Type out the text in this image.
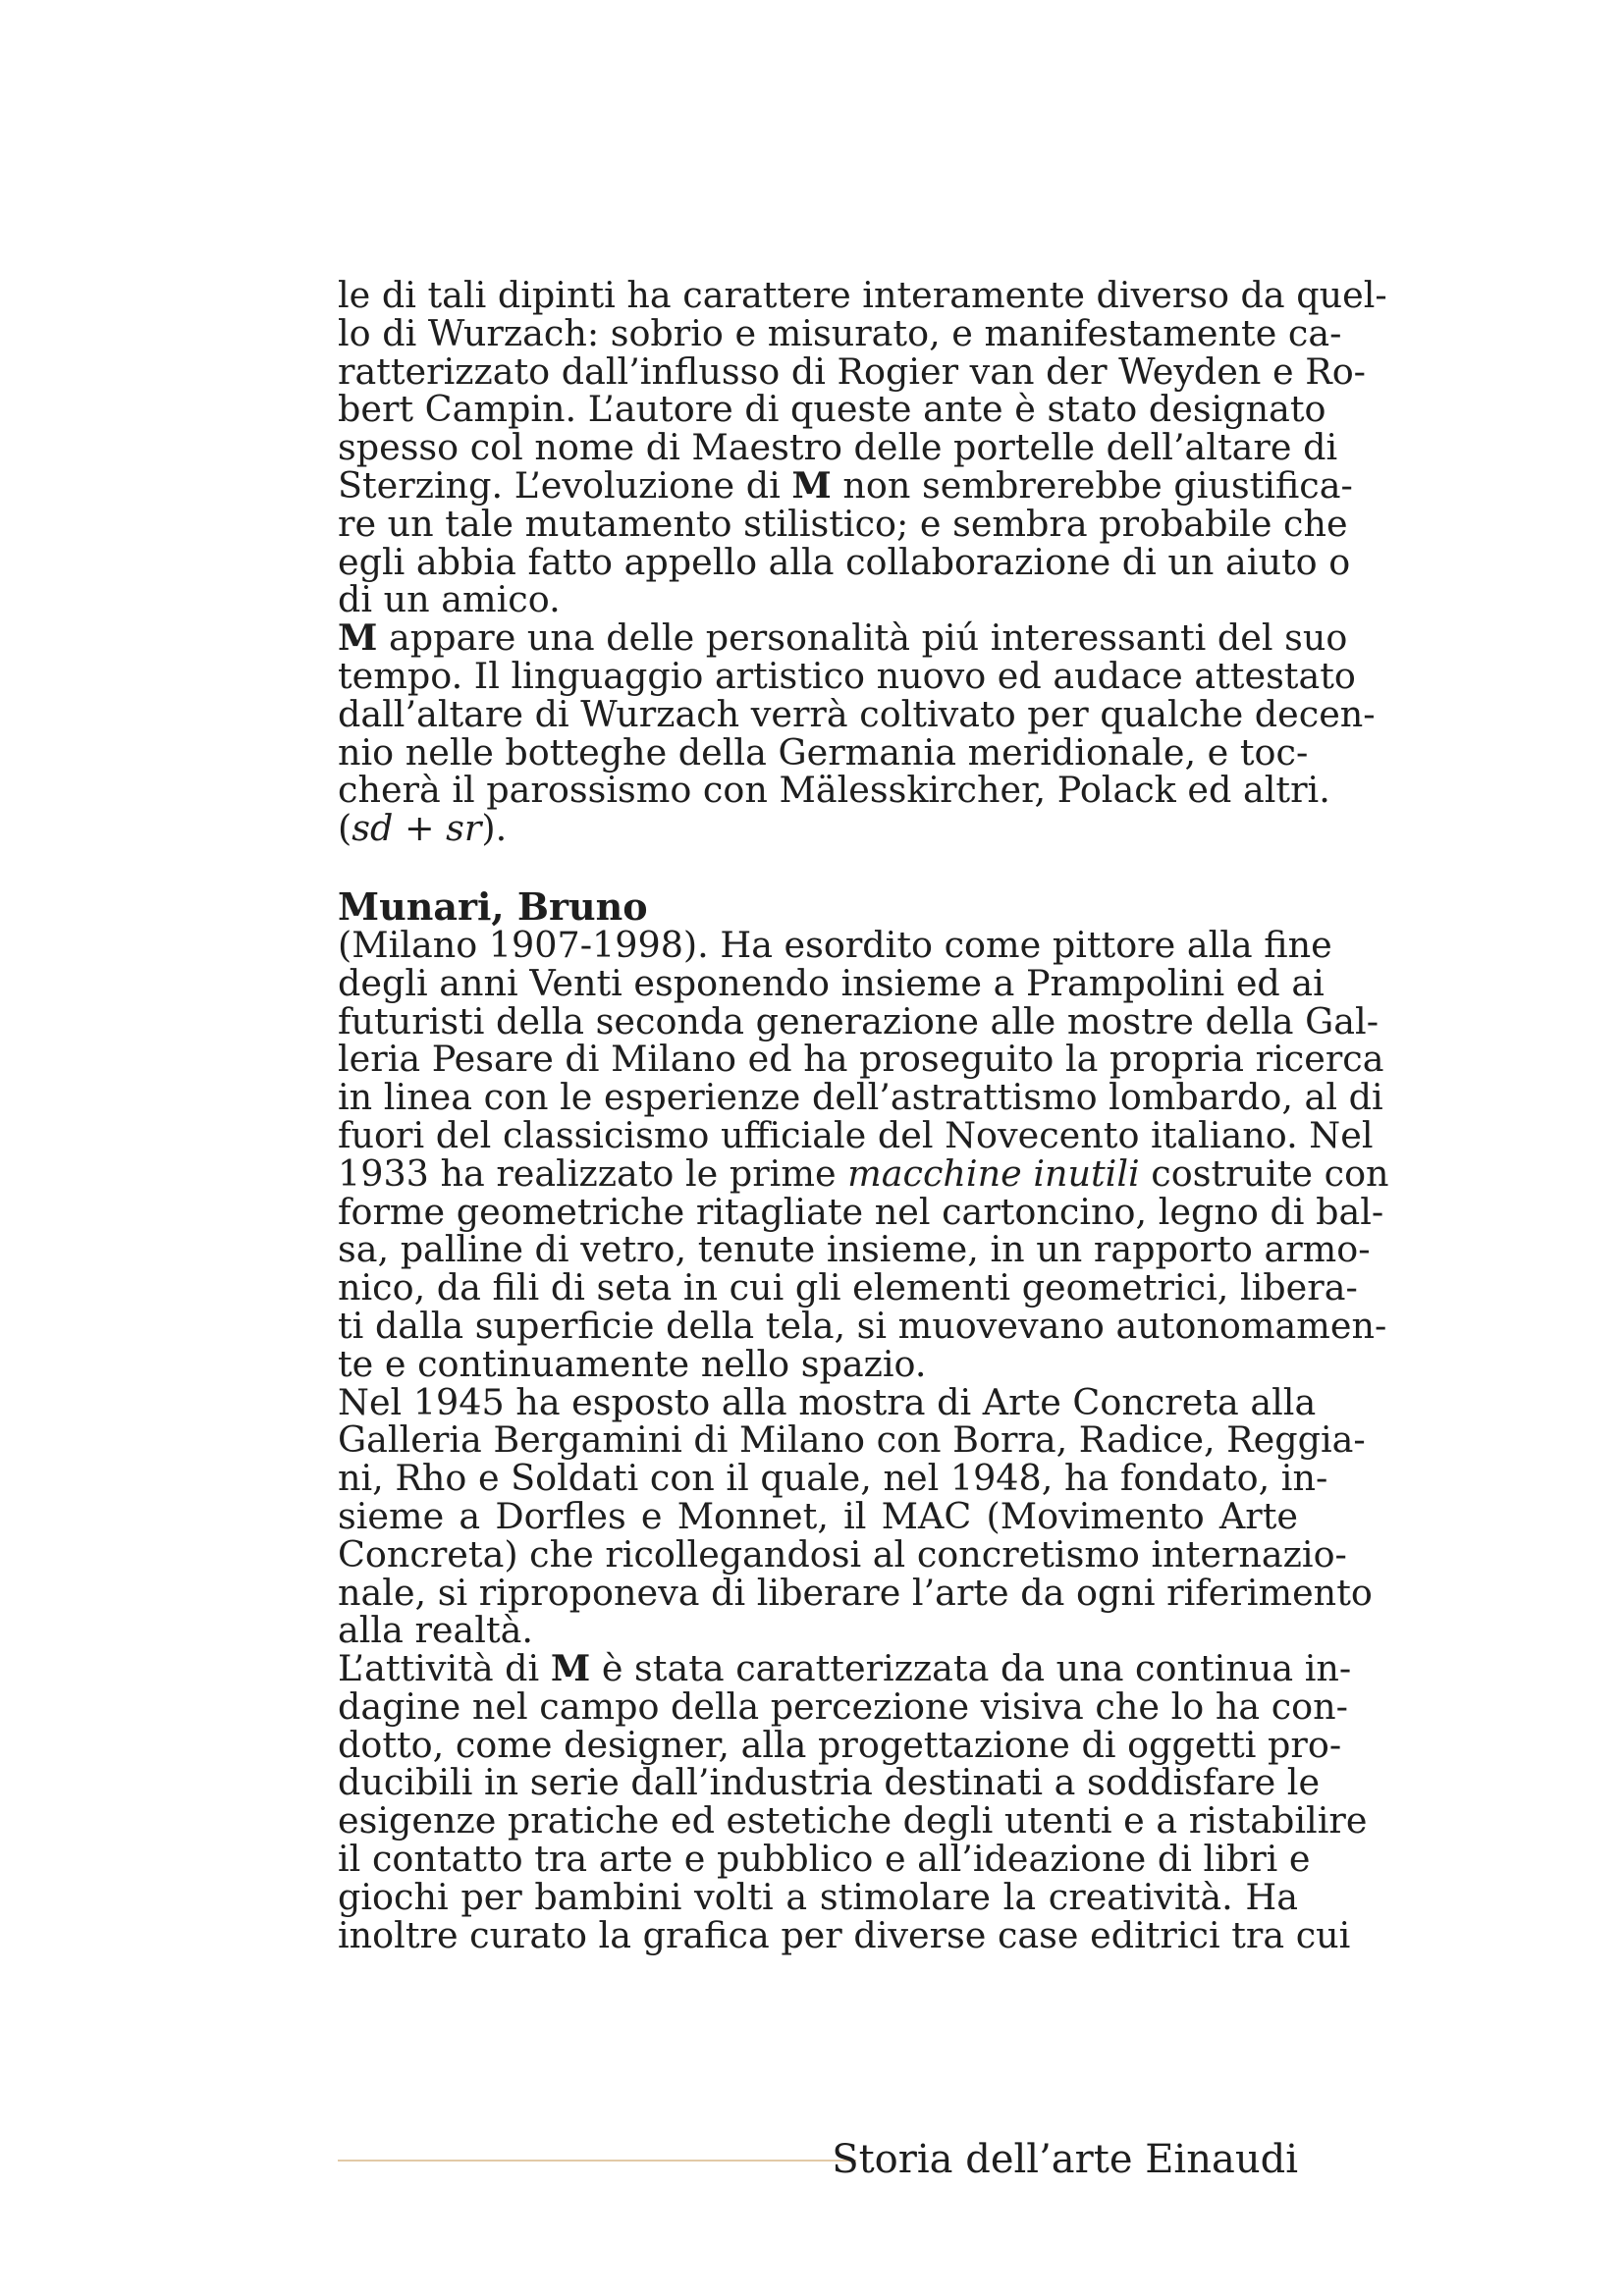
le di tali dipinti ha carattere interamente diverso da quel-
lo di Wurzach: sobrio e misurato, e manifestamente ca-
ratterizzato dall’influsso di Rogier van der Weyden e Ro-
bert Campin. L’autore di queste ante è stato designato
spesso col nome di Maestro delle portelle dell’altare di
Sterzing. L’evoluzione di M non sembrerebbe giustifica-
re un tale mutamento stilistico; e sembra probabile che
egli abbia fatto appello alla collaborazione di un aiuto o
di un amico.
M appare una delle personalità piú interessanti del suo
tempo. Il linguaggio artistico nuovo ed audace attestato
dall’altare di Wurzach verrà coltivato per qualche decen-
nio nelle botteghe della Germania meridionale, e toc-
cherà il parossismo con Mälesskircher, Polack ed altri.
(sd + sr).
Munari, Bruno
(Milano 1907-1998). Ha esordito come pittore alla fine
degli anni Venti esponendo insieme a Prampolini ed ai
futuristi della seconda generazione alle mostre della Gal-
leria Pesare di Milano ed ha proseguito la propria ricerca
in linea con le esperienze dell’astrattismo lombardo, al di
fuori del classicismo ufficiale del Novecento italiano. Nel
1933 ha realizzato le prime macchine inutili costruite con
forme geometriche ritagliate nel cartoncino, legno di bal-
sa, palline di vetro, tenute insieme, in un rapporto armo-
nico, da fili di seta in cui gli elementi geometrici, libera-
ti dalla superficie della tela, si muovevano autonomamen-
te e continuamente nello spazio.
Nel 1945 ha esposto alla mostra di Arte Concreta alla
Galleria Bergamini di Milano con Borra, Radice, Reggia-
ni, Rho e Soldati con il quale, nel 1948, ha fondato, in-
sieme a Dorfles e Monnet, il MAC (Movimento Arte
Concreta) che ricollegandosi al concretismo internazio-
nale, si riproponeva di liberare l’arte da ogni riferimento
alla realtà.
L’attività di M è stata caratterizzata da una continua in-
dagine nel campo della percezione visiva che lo ha con-
dotto, come designer, alla progettazione di oggetti pro-
ducibili in serie dall’industria destinati a soddisfare le
esigenze pratiche ed estetiche degli utenti e a ristabilire
il contatto tra arte e pubblico e all’ideazione di libri e
giochi per bambini volti a stimolare la creatività. Ha
inoltre curato la grafica per diverse case editrici tra cui
Storia dell’arte Einaudi
